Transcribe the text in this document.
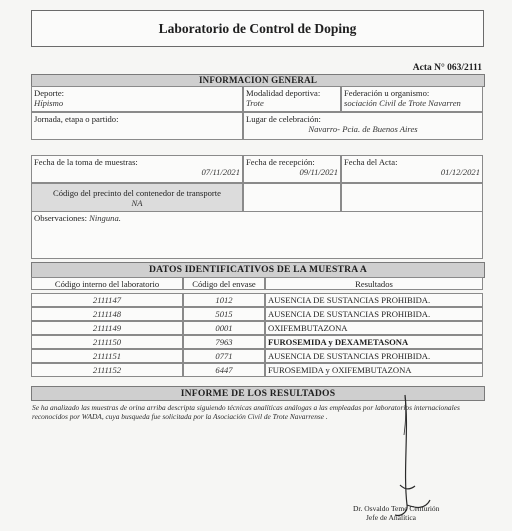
Laboratorio de Control de Doping
Acta N° 063/2111
INFORMACION GENERAL
Deporte:
Hípismo
Modalidad deportiva:
Trote
Federación u organismo:
sociación Civil de Trote Navarren
Jornada, etapa o partido:	Lugar de celebración:
Navarro- Pcia. de Buenos Aires
Fecha de la toma de muestras:
07/11/2021
Fecha de recepción:
09/11/2021
Fecha del Acta:
01/12/2021
Código del precinto del contenedor de transporte
NA
Observaciones: Ninguna.
DATOS IDENTIFICATIVOS DE LA MUESTRA A
Código interno del laboratorio	Código del envase	Resultados
2111147	1012	AUSENCIA DE SUSTANCIAS PROHIBIDA.
2111148	5015	AUSENCIA DE SUSTANCIAS PROHIBIDA.
2111149	0001	OXIFEMBUTAZONA
2111150	7963	FUROSEMIDA y DEXAMETASONA
2111151	0771	AUSENCIA DE SUSTANCIAS PROHIBIDA.
2111152	6447	FUROSEMIDA y OXIFEMBUTAZONA
INFORME DE LOS RESULTADOS
Se ha analizado las muestras de orina arriba descripta siguiendo técnicas analíticas análogas a las empleadas por laboratorios internacionales reconocidos por WADA, cuya busqueda fue solicitada por la Asociación Civil de Trote Navarrense .
Dr. Osvaldo Teme Centurión
Jefe de Analítica
